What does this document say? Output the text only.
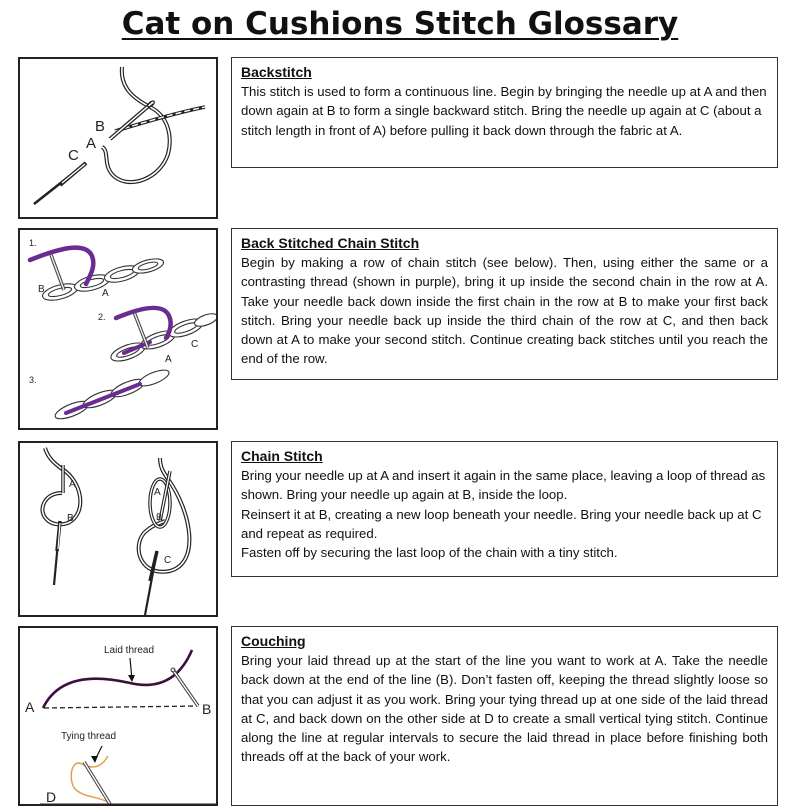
Cat on Cushions Stitch Glossary
B
A
C
Backstitch

This stitch is used to form a continuous line. Begin by bringing the needle up at A and then down again at B to form a single backward stitch. Bring the needle up again at C (about a stitch length in front of A) before pulling it back down through the fabric at A.

1.
2.
3.
A
B
A
C
Back Stitched Chain Stitch

Begin by making a row of chain stitch (see below). Then, using either the same or a contrasting thread (shown in purple), bring it up inside the second chain in the row at A. Take your needle back down inside the first chain in the row at B to make your first back stitch. Bring your needle back up inside the third chain of the row at C, and then back down at A to make your second stitch. Continue creating back stitches until you reach the end of the row.

A
B
A
B
C
Chain Stitch

Bring your needle up at A and insert it again in the same place, leaving a loop of thread as shown. Bring your needle up again at B, inside the loop.

Reinsert it at B, creating a new loop beneath your needle. Bring your needle back up at C and repeat as required.

Fasten off by securing the last loop of the chain with a tiny stitch.

Laid thread
A	B
Tying thread
D
Couching

Bring your laid thread up at the start of the line you want to work at A. Take the needle back down at the end of the line (B). Don’t fasten off, keeping the thread slightly loose so that you can adjust it as you work. Bring your tying thread up at one side of the laid thread at C, and back down on the other side at D to create a small vertical tying stitch. Continue along the line at regular intervals to secure the laid thread in place before finishing both threads off at the back of your work.
